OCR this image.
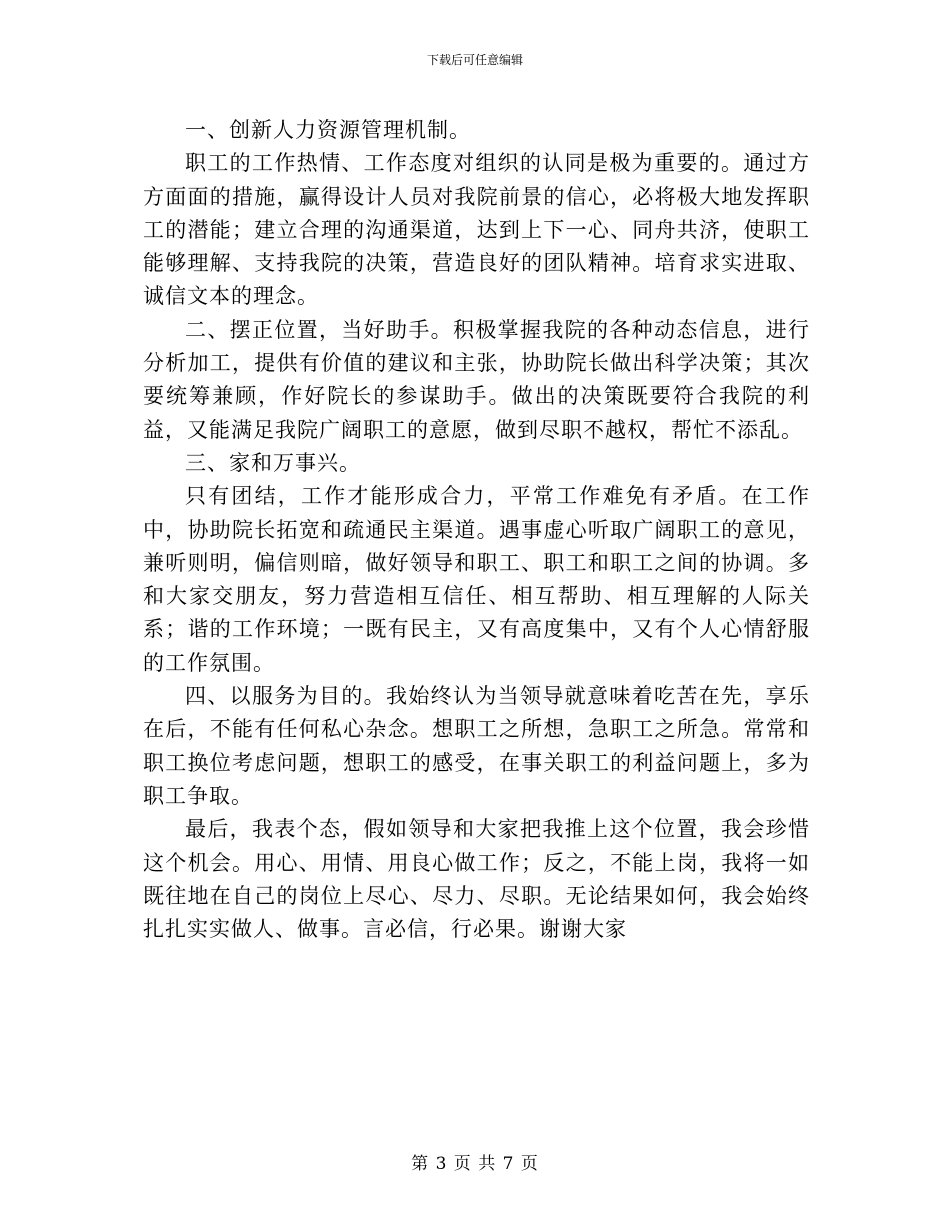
下载后可任意编辑

一、创新人力资源管理机制。

职工的工作热情、工作态度对组织的认同是极为重要的。通过方方面面的措施，赢得设计人员对我院前景的信心，必将极大地发挥职工的潜能；建立合理的沟通渠道，达到上下一心、同舟共济，使职工能够理解、支持我院的决策，营造良好的团队精神。培育求实进取、诚信文本的理念。

二、摆正位置，当好助手。积极掌握我院的各种动态信息，进行分析加工，提供有价值的建议和主张，协助院长做出科学决策；其次要统筹兼顾，作好院长的参谋助手。做出的决策既要符合我院的利益，又能满足我院广阔职工的意愿，做到尽职不越权，帮忙不添乱。

三、家和万事兴。

只有团结，工作才能形成合力，平常工作难免有矛盾。在工作中，协助院长拓宽和疏通民主渠道。遇事虚心听取广阔职工的意见，兼听则明，偏信则暗，做好领导和职工、职工和职工之间的协调。多和大家交朋友，努力营造相互信任、相互帮助、相互理解的人际关系；谐的工作环境；一既有民主，又有高度集中，又有个人心情舒服的工作氛围。

四、以服务为目的。我始终认为当领导就意味着吃苦在先，享乐在后，不能有任何私心杂念。想职工之所想，急职工之所急。常常和职工换位考虑问题，想职工的感受，在事关职工的利益问题上，多为职工争取。

最后，我表个态，假如领导和大家把我推上这个位置，我会珍惜这个机会。用心、用情、用良心做工作；反之，不能上岗，我将一如既往地在自己的岗位上尽心、尽力、尽职。无论结果如何，我会始终扎扎实实做人、做事。言必信，行必果。谢谢大家

第 3 页 共 7 页
